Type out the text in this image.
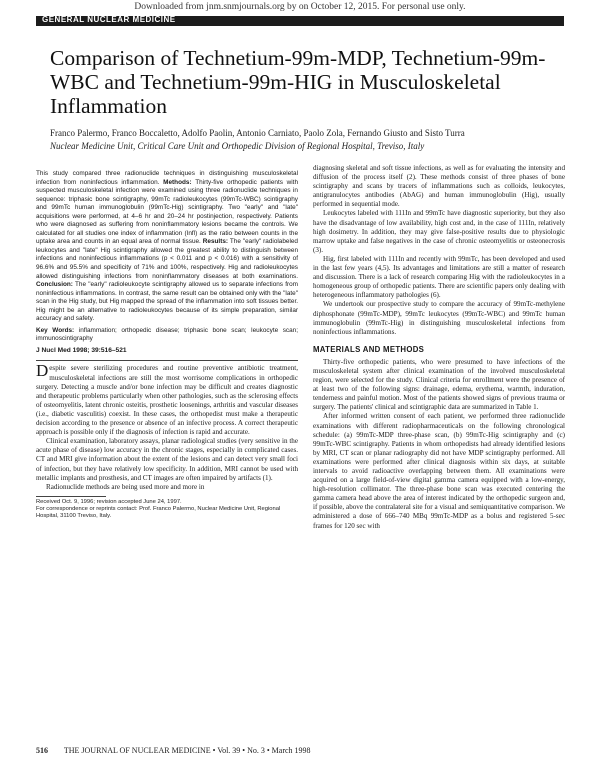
Downloaded from jnm.snmjournals.org by on October 12, 2015. For personal use only.
GENERAL NUCLEAR MEDICINE
Comparison of Technetium-99m-MDP, Technetium-99m-WBC and Technetium-99m-HIG in Musculoskeletal Inflammation
Franco Palermo, Franco Boccaletto, Adolfo Paolin, Antonio Carniato, Paolo Zola, Fernando Giusto and Sisto Turra
Nuclear Medicine Unit, Critical Care Unit and Orthopedic Division of Regional Hospital, Treviso, Italy
This study compared three radionuclide techniques in distinguishing musculoskeletal infection from noninfectious inflammation. Methods: Thirty-five orthopedic patients with suspected musculoskeletal infection were examined using three radionuclide techniques in sequence: triphasic bone scintigraphy, 99mTc radioleukocytes (99mTc-WBC) scintigraphy and 99mTc human immunoglobulin (99mTc-Hig) scintigraphy. Two "early" and "late" acquisitions were performed, at 4–6 hr and 20–24 hr postinjection, respectively. Patients who were diagnosed as suffering from noninflammatory lesions became the controls. We calculated for all studies one index of inflammation (Infl) as the ratio between counts in the uptake area and counts in an equal area of normal tissue. Results: The "early" radiolabeled leukocytes and "late" Hig scintigraphy allowed the greatest ability to distinguish between infections and noninfectious inflammations (p < 0.011 and p < 0.016) with a sensitivity of 96.6% and 95.5% and specificity of 71% and 100%, respectively. Hig and radioleukocytes allowed distinguishing infections from noninflammatory diseases at both examinations. Conclusion: The "early" radioleukocyte scintigraphy allowed us to separate infections from noninfectious inflammations. In contrast, the same result can be obtained only with the "late" scan in the Hig study, but Hig mapped the spread of the inflammation into soft tissues better. Hig might be an alternative to radioleukocytes because of its simple preparation, similar accuracy and safety.
Key Words: inflammation; orthopedic disease; triphasic bone scan; leukocyte scan; immunoscintigraphy
J Nucl Med 1998; 39:516–521

Despite severe sterilizing procedures and routine preventive antibiotic treatment, musculoskeletal infections are still the most worrisome complications in orthopedic surgery. Detecting a muscle and/or bone infection may be difficult and creates diagnostic and therapeutic problems particularly when other pathologies, such as the sclerosing effects of osteomyelitis, latent chronic osteitis, prosthetic loosenings, arthritis and vascular diseases (i.e., diabetic vasculitis) coexist. In these cases, the orthopedist must make a therapeutic decision according to the presence or absence of an infective process. A correct therapeutic approach is possible only if the diagnosis of infection is rapid and accurate.

Clinical examination, laboratory assays, planar radiological studies (very sensitive in the acute phase of disease) low accuracy in the chronic stages, especially in complicated cases. CT and MRI give information about the extent of the lesions and can detect very small foci of infection, but they have relatively low specificity. In addition, MRI cannot be used with metallic implants and prosthesis, and CT images are often impaired by artifacts (1).

Radionuclide methods are being used more and more in

Received Oct. 9, 1996; revision accepted June 24, 1997.
For correspondence or reprints contact: Prof. Franco Palermo, Nuclear Medicine Unit, Regional Hospital, 31100 Treviso, Italy.

diagnosing skeletal and soft tissue infections, as well as for evaluating the intensity and diffusion of the process itself (2). These methods consist of three phases of bone scintigraphy and scans by tracers of inflammations such as colloids, leukocytes, antigranulocytes antibodies (AbAG) and human immunoglobulin (Hig), usually performed in sequential mode.

Leukocytes labeled with 111In and 99mTc have diagnostic superiority, but they also have the disadvantage of low availability, high cost and, in the case of 111In, relatively high dosimetry. In addition, they may give false-positive results due to physiologic marrow uptake and false negatives in the case of chronic osteomyelitis or osteonecrosis (3).

Hig, first labeled with 111In and recently with 99mTc, has been developed and used in the last few years (4,5). Its advantages and limitations are still a matter of research and discussion. There is a lack of research comparing Hig with the radioleukocytes in a homogeneous group of orthopedic patients. There are scientific papers only dealing with heterogeneous inflammatory pathologies (6).

We undertook our prospective study to compare the accuracy of 99mTc-methylene diphosphonate (99mTc-MDP), 99mTc leukocytes (99mTc-WBC) and 99mTc human immunoglobulin (99mTc-Hig) in distinguishing musculoskeletal infections from noninfectious inflammations.

MATERIALS AND METHODS

Thirty-five orthopedic patients, who were presumed to have infections of the musculoskeletal system after clinical examination of the involved musculoskeletal region, were selected for the study. Clinical criteria for enrollment were the presence of at least two of the following signs: drainage, edema, erythema, warmth, induration, tenderness and painful motion. Most of the patients showed signs of previous trauma or surgery. The patients' clinical and scintigraphic data are summarized in Table 1.

After informed written consent of each patient, we performed three radionuclide examinations with different radiopharmaceuticals on the following chronological schedule: (a) 99mTc-MDP three-phase scan, (b) 99mTc-Hig scintigraphy and (c) 99mTc-WBC scintigraphy. Patients in whom orthopedists had already identified lesions by MRI, CT scan or planar radiography did not have MDP scintigraphy performed. All examinations were performed after clinical diagnosis within six days, at suitable intervals to avoid radioactive overlapping between them. All examinations were acquired on a large field-of-view digital gamma camera equipped with a low-energy, high-resolution collimator. The three-phase bone scan was executed centering the gamma camera head above the area of interest indicated by the orthopedic surgeon and, if possible, above the contralateral site for a visual and semiquantitative comparison. We administered a dose of 666–740 MBq 99mTc-MDP as a bolus and registered 5-sec frames for 120 sec with

516 THE JOURNAL OF NUCLEAR MEDICINE • Vol. 39 • No. 3 • March 1998
